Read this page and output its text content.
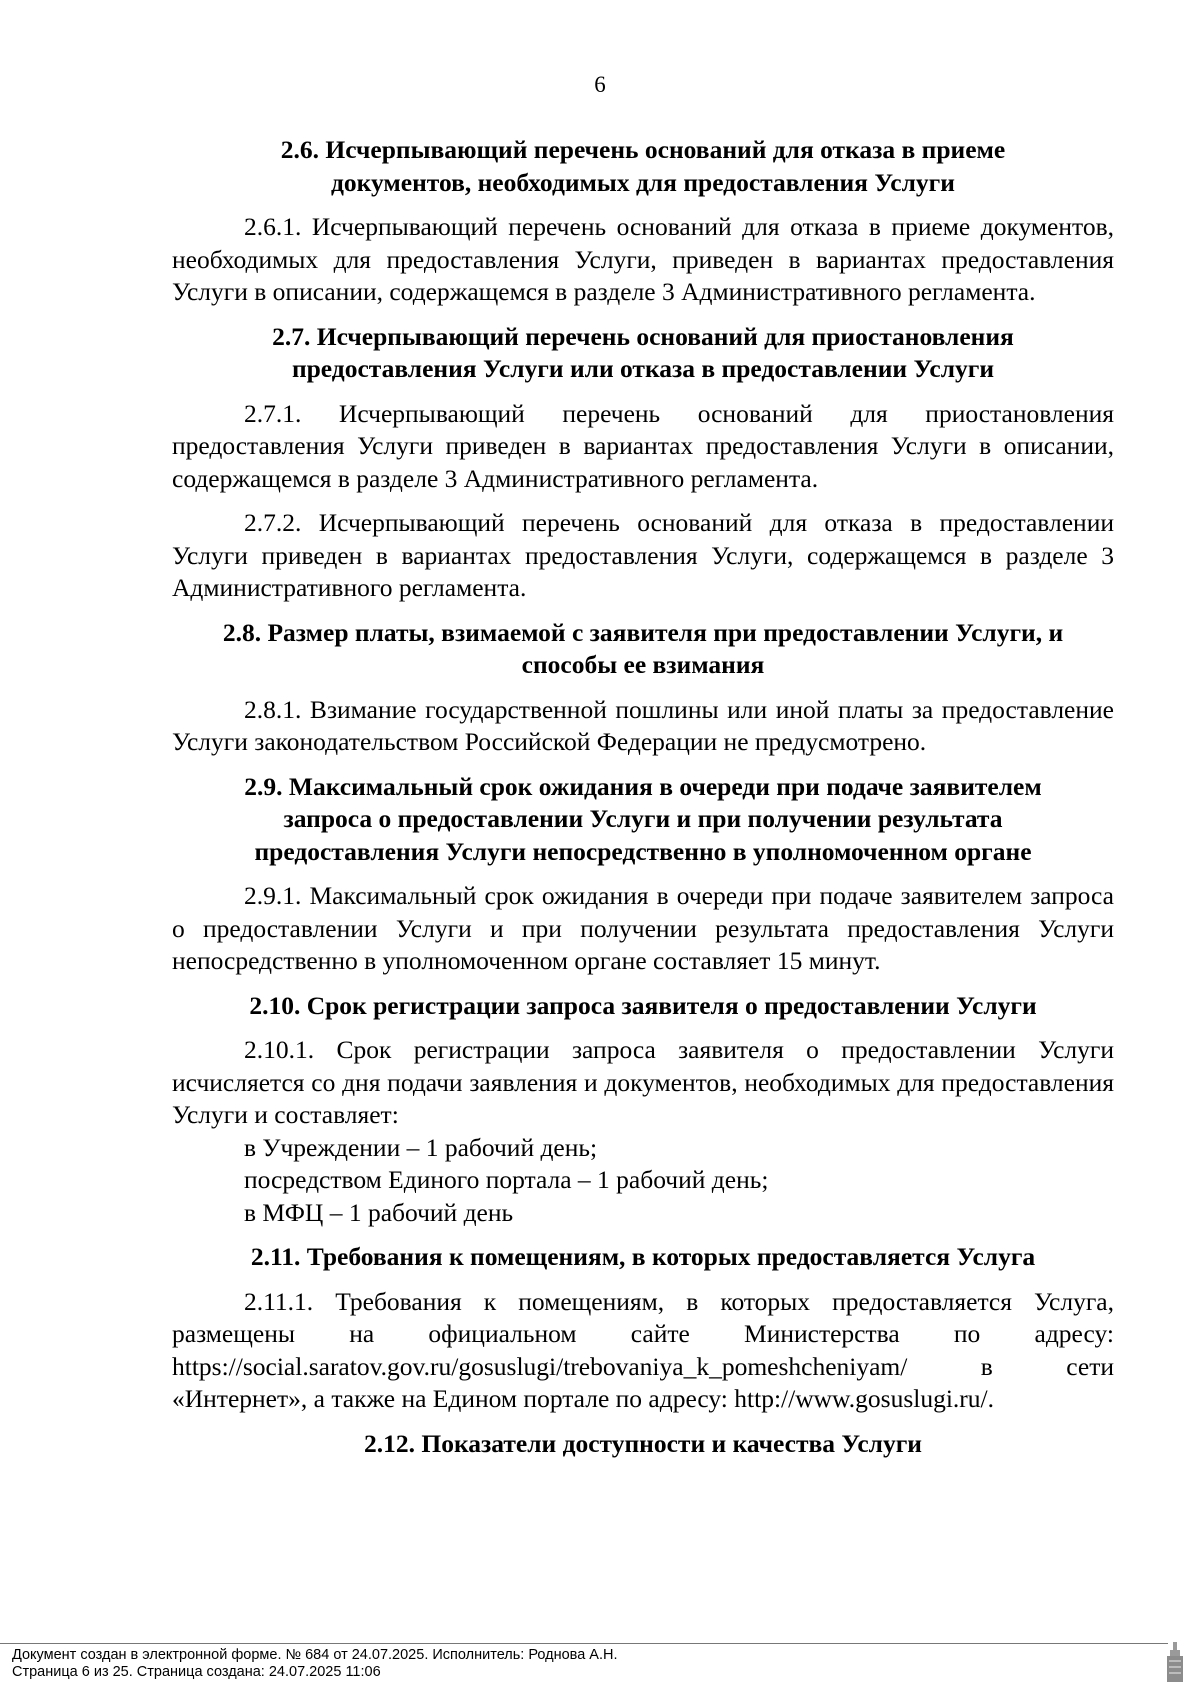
6
2.6. Исчерпывающий перечень оснований для отказа в приеме
документов, необходимых для предоставления Услуги
2.6.1. Исчерпывающий перечень оснований для отказа в приеме документов, необходимых для предоставления Услуги, приведен в вариантах предоставления Услуги в описании, содержащемся в разделе 3 Административного регламента.
2.7. Исчерпывающий перечень оснований для приостановления
предоставления Услуги или отказа в предоставлении Услуги
2.7.1. Исчерпывающий перечень оснований для приостановления предоставления Услуги приведен в вариантах предоставления Услуги в описании, содержащемся в разделе 3 Административного регламента.
2.7.2. Исчерпывающий перечень оснований для отказа в предоставлении Услуги приведен в вариантах предоставления Услуги, содержащемся в разделе 3 Административного регламента.
2.8. Размер платы, взимаемой с заявителя при предоставлении Услуги, и
способы ее взимания
2.8.1. Взимание государственной пошлины или иной платы за предоставление Услуги законодательством Российской Федерации не предусмотрено.
2.9. Максимальный срок ожидания в очереди при подаче заявителем
запроса о предоставлении Услуги и при получении результата
предоставления Услуги непосредственно в уполномоченном органе
2.9.1. Максимальный срок ожидания в очереди при подаче заявителем запроса о предоставлении Услуги и при получении результата предоставления Услуги непосредственно в уполномоченном органе составляет 15 минут.
2.10. Срок регистрации запроса заявителя о предоставлении Услуги
2.10.1. Срок регистрации запроса заявителя о предоставлении Услуги исчисляется со дня подачи заявления и документов, необходимых для предоставления Услуги и составляет:
в Учреждении – 1 рабочий день;
посредством Единого портала – 1 рабочий день;
в МФЦ – 1 рабочий день
2.11. Требования к помещениям, в которых предоставляется Услуга
2.11.1. Требования к помещениям, в которых предоставляется Услуга, размещены на официальном сайте Министерства по адресу: https://social.saratov.gov.ru/gosuslugi/trebovaniya_k_pomeshcheniyam/ в сети «Интернет», а также на Едином портале по адресу: http://www.gosuslugi.ru/.
2.12. Показатели доступности и качества Услуги
Документ создан в электронной форме. № 684 от 24.07.2025. Исполнитель: Роднова А.Н.
Страница 6 из 25. Страница создана: 24.07.2025 11:06
